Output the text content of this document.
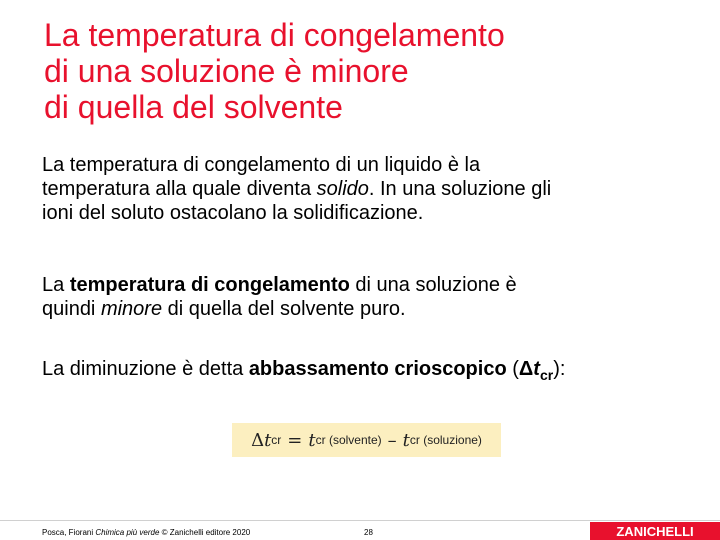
La temperatura di congelamento
di una soluzione è minore
di quella del solvente
La temperatura di congelamento di un liquido è la
temperatura alla quale diventa solido. In una soluzione gli
ioni del soluto ostacolano la solidificazione.
La temperatura di congelamento di una soluzione è
quindi minore di quella del solvente puro.
La diminuzione è detta abbassamento crioscopico $(\Delta t_{cr})$:
Δ t cr = t cr (solvente) – t cr (soluzione)
Posca, Fiorani Chimica più verde © Zanichelli editore 2020	28	ZANICHELLI
